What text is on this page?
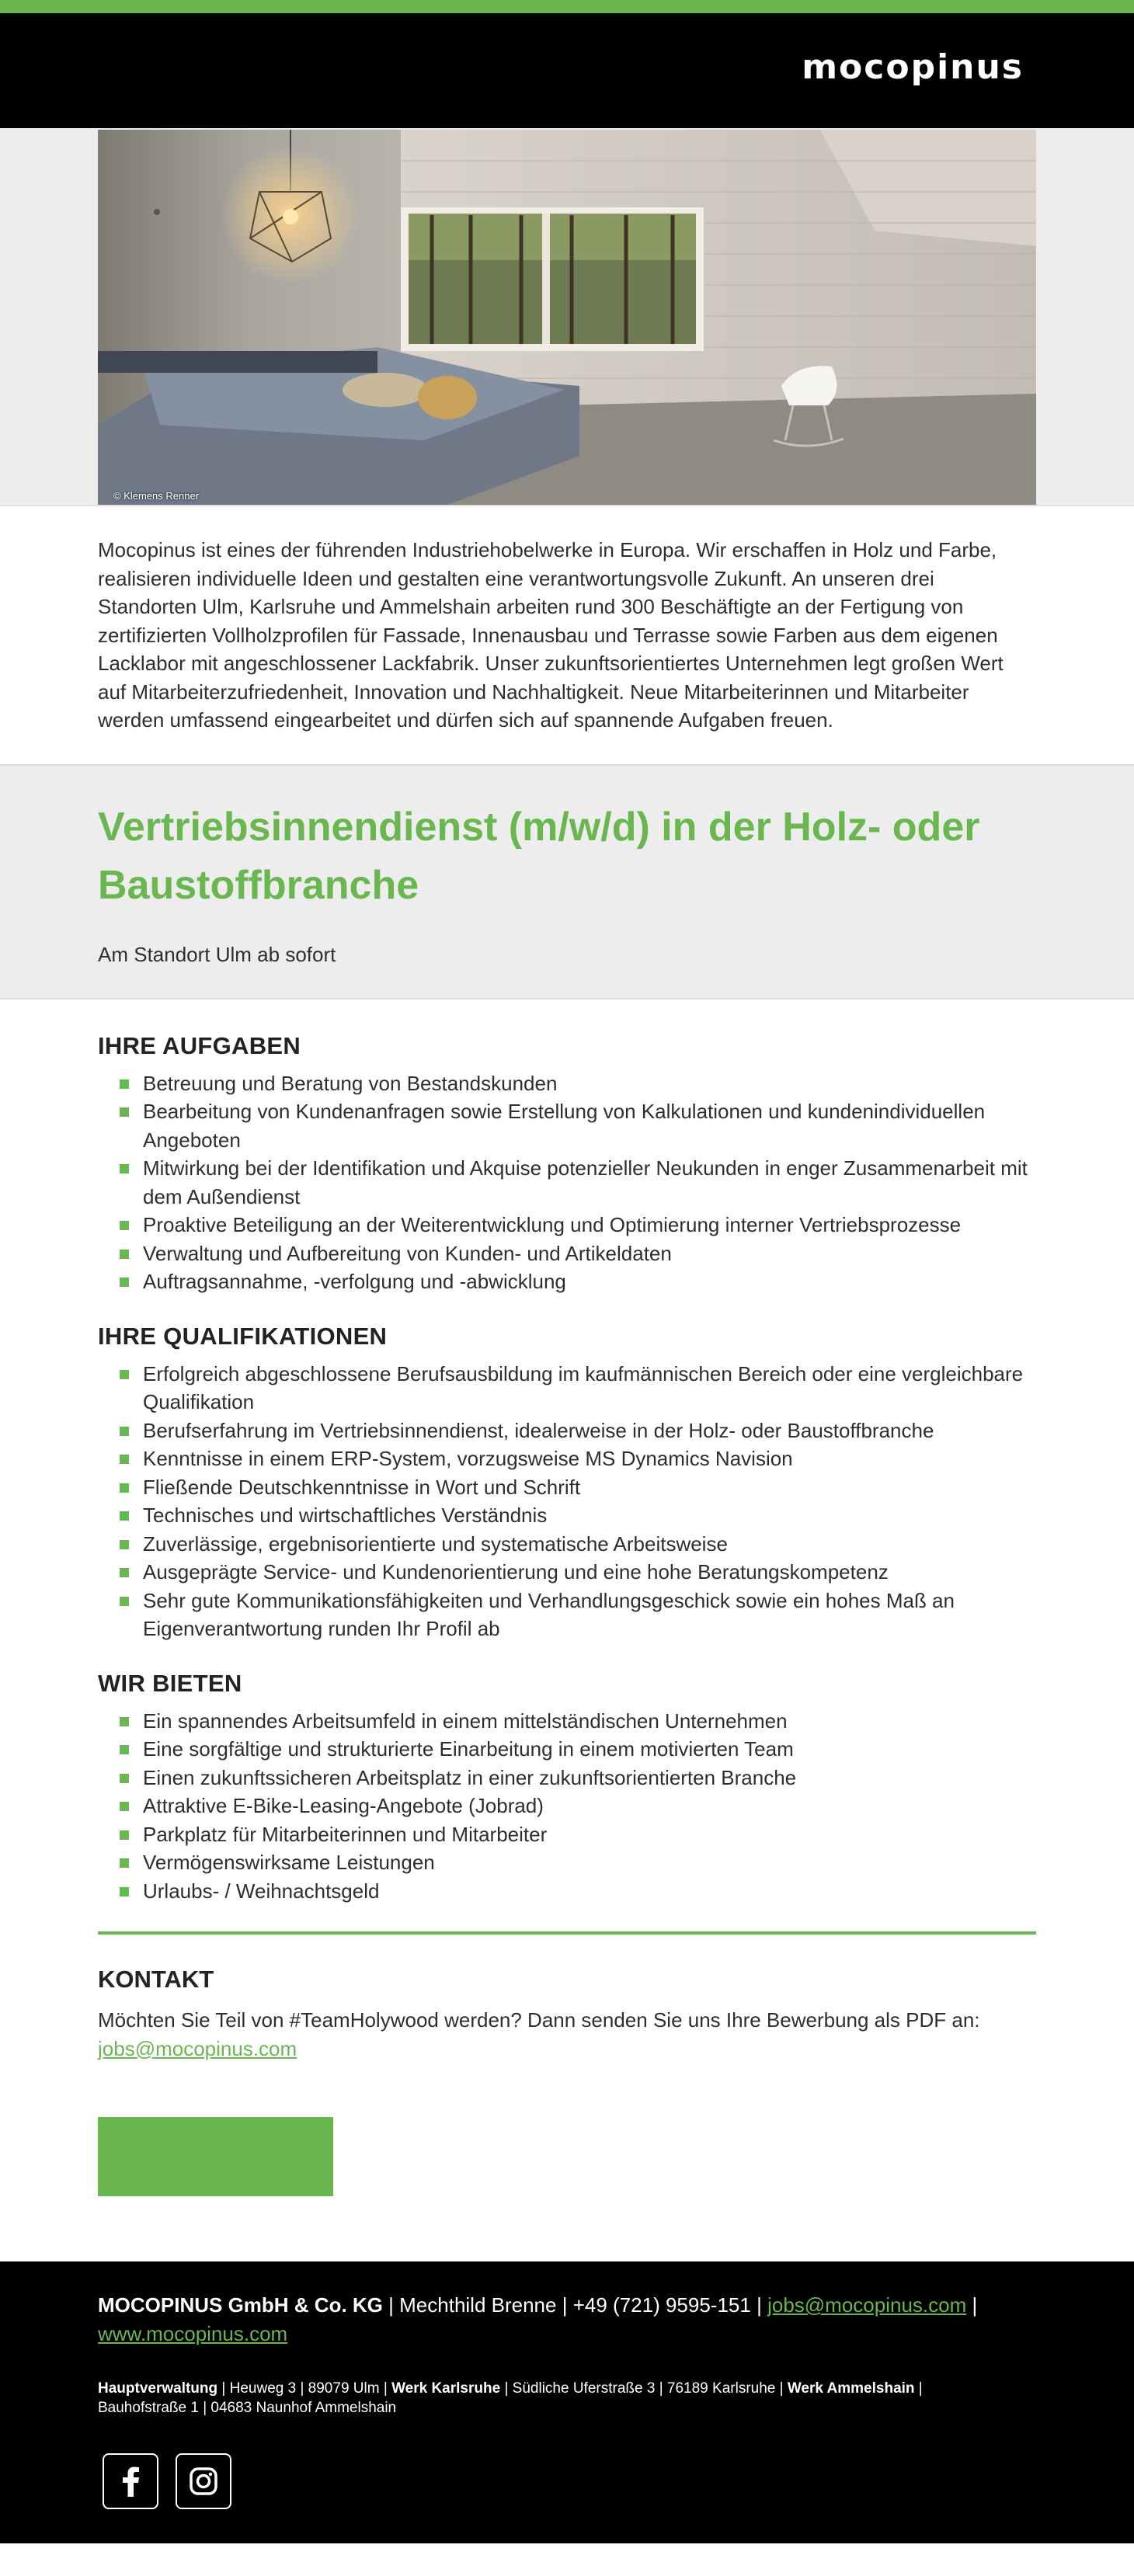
mocopinus
© Klemens Renner

Mocopinus ist eines der führenden Industriehobelwerke in Europa. Wir erschaffen in Holz und Farbe, realisieren individuelle Ideen und gestalten eine verantwortungsvolle Zukunft. An unseren drei Standorten Ulm, Karlsruhe und Ammelshain arbeiten rund 300 Beschäftigte an der Fertigung von zertifizierten Vollholzprofilen für Fassade, Innenausbau und Terrasse sowie Farben aus dem eigenen Lacklabor mit angeschlossener Lackfabrik. Unser zukunftsorientiertes Unternehmen legt großen Wert auf Mitarbeiterzufriedenheit, Innovation und Nachhaltigkeit. Neue Mitarbeiterinnen und Mitarbeiter werden umfassend eingearbeitet und dürfen sich auf spannende Aufgaben freuen.

Vertriebsinnendienst (m/w/d) in der Holz- oder Baustoffbranche
Am Standort Ulm ab sofort
IHRE AUFGABEN
Betreuung und Beratung von Bestandskunden
Bearbeitung von Kundenanfragen sowie Erstellung von Kalkulationen und kundenindividuellen Angeboten
Mitwirkung bei der Identifikation und Akquise potenzieller Neukunden in enger Zusammenarbeit mit dem Außendienst
Proaktive Beteiligung an der Weiterentwicklung und Optimierung interner Vertriebsprozesse
Verwaltung und Aufbereitung von Kunden- und Artikeldaten
Auftragsannahme, -verfolgung und -abwicklung
IHRE QUALIFIKATIONEN
Erfolgreich abgeschlossene Berufsausbildung im kaufmännischen Bereich oder eine vergleichbare Qualifikation
Berufserfahrung im Vertriebsinnendienst, idealerweise in der Holz- oder Baustoffbranche
Kenntnisse in einem ERP-System, vorzugsweise MS Dynamics Navision
Fließende Deutschkenntnisse in Wort und Schrift
Technisches und wirtschaftliches Verständnis
Zuverlässige, ergebnisorientierte und systematische Arbeitsweise
Ausgeprägte Service- und Kundenorientierung und eine hohe Beratungskompetenz
Sehr gute Kommunikationsfähigkeiten und Verhandlungsgeschick sowie ein hohes Maß an Eigenverantwortung runden Ihr Profil ab
WIR BIETEN
Ein spannendes Arbeitsumfeld in einem mittelständischen Unternehmen
Eine sorgfältige und strukturierte Einarbeitung in einem motivierten Team
Einen zukunftssicheren Arbeitsplatz in einer zukunftsorientierten Branche
Attraktive E-Bike-Leasing-Angebote (Jobrad)
Parkplatz für Mitarbeiterinnen und Mitarbeiter
Vermögenswirksame Leistungen
Urlaubs- / Weihnachtsgeld
KONTAKT

Möchten Sie Teil von #TeamHolywood werden? Dann senden Sie uns Ihre Bewerbung als PDF an:
jobs@mocopinus.com

JETZT BEWERBEN!
MOCOPINUS GmbH & Co. KG | Mechthild Brenne | +49 (721) 9595-151 | jobs@mocopinus.com |
www.mocopinus.com
Hauptverwaltung | Heuweg 3 | 89079 Ulm | Werk Karlsruhe | Südliche Uferstraße 3 | 76189 Karlsruhe | Werk Ammelshain |
Bauhofstraße 1 | 04683 Naunhof Ammelshain
